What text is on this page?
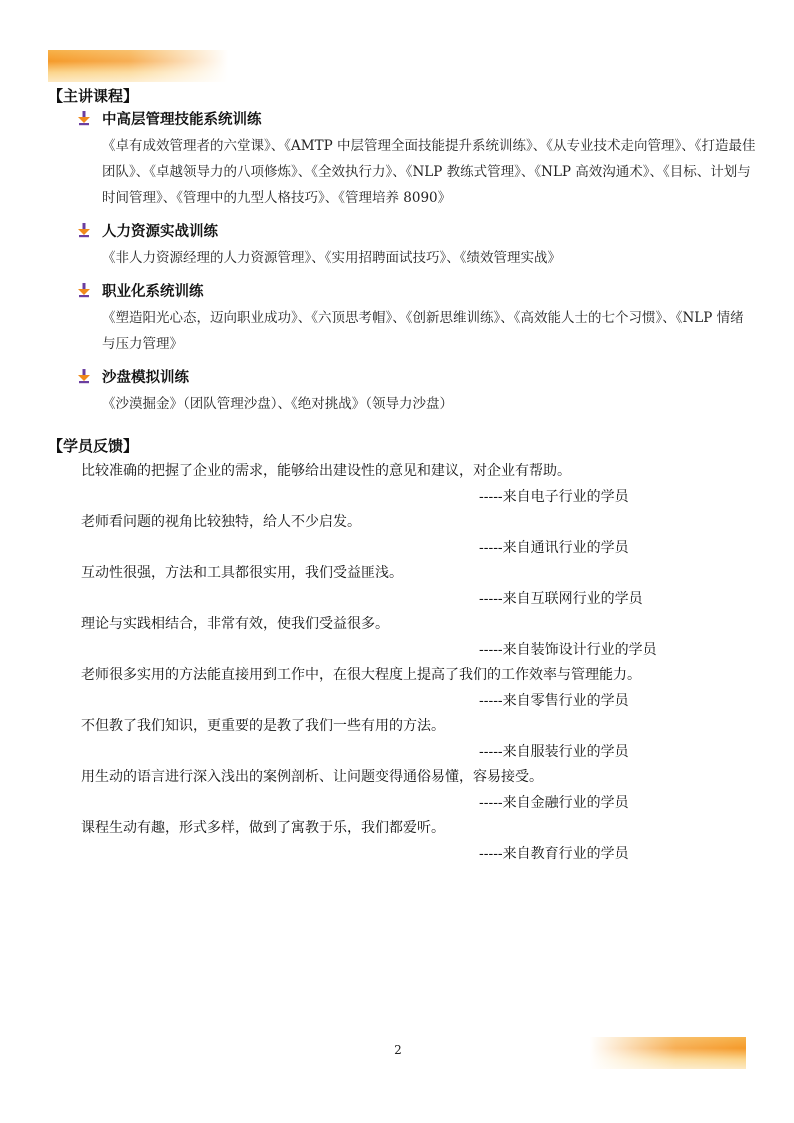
【主讲课程】
中高层管理技能系统训练
《卓有成效管理者的六堂课》、《AMTP 中层管理全面技能提升系统训练》、《从专业技术走向管理》、《打造最佳团队》、《卓越领导力的八项修炼》、《全效执行力》、《NLP 教练式管理》、《NLP 高效沟通术》、《目标、计划与时间管理》、《管理中的九型人格技巧》、《管理培养 8090》
人力资源实战训练
《非人力资源经理的人力资源管理》、《实用招聘面试技巧》、《绩效管理实战》
职业化系统训练
《塑造阳光心态，迈向职业成功》、《六顶思考帽》、《创新思维训练》、《高效能人士的七个习惯》、《NLP 情绪与压力管理》
沙盘模拟训练
《沙漠掘金》（团队管理沙盘）、《绝对挑战》（领导力沙盘）
【学员反馈】
比较准确的把握了企业的需求，能够给出建设性的意见和建议，对企业有帮助。
-----来自电子行业的学员
老师看问题的视角比较独特，给人不少启发。
-----来自通讯行业的学员
互动性很强，方法和工具都很实用，我们受益匪浅。
-----来自互联网行业的学员
理论与实践相结合，非常有效，使我们受益很多。
-----来自装饰设计行业的学员
老师很多实用的方法能直接用到工作中，在很大程度上提高了我们的工作效率与管理能力。
-----来自零售行业的学员
不但教了我们知识，更重要的是教了我们一些有用的方法。
-----来自服装行业的学员
用生动的语言进行深入浅出的案例剖析、让问题变得通俗易懂，容易接受。
-----来自金融行业的学员
课程生动有趣，形式多样，做到了寓教于乐，我们都爱听。
-----来自教育行业的学员
2
